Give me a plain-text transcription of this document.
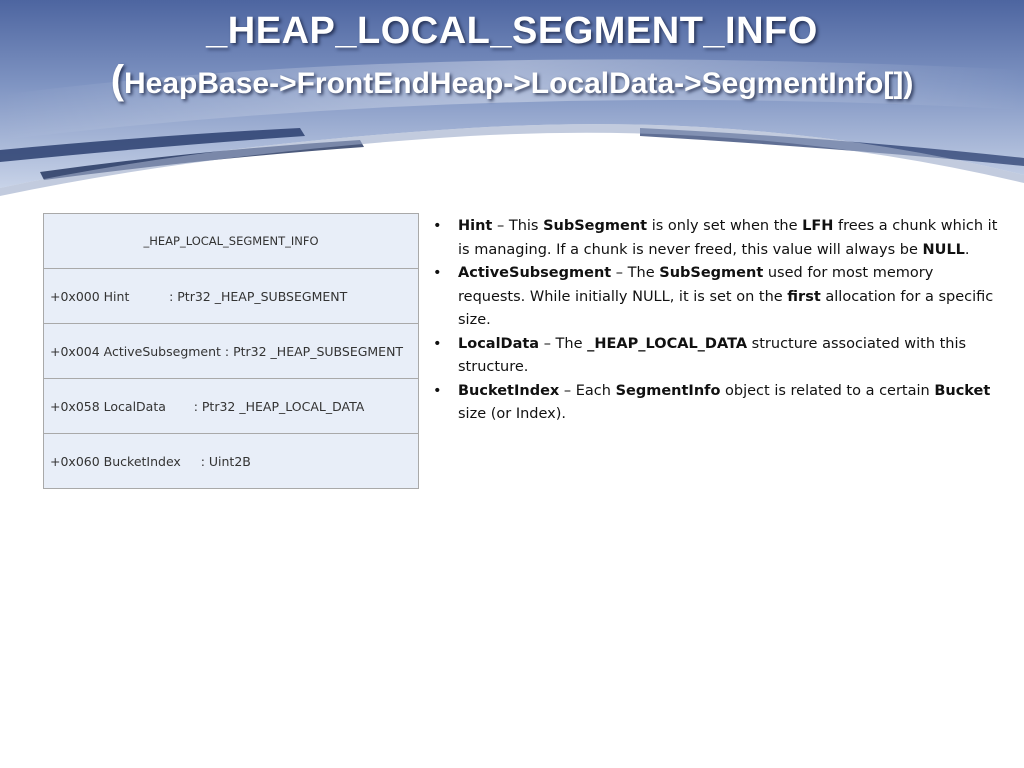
_HEAP_LOCAL_SEGMENT_INFO
(HeapBase->FrontEndHeap->LocalData->SegmentInfo[])
_HEAP_LOCAL_SEGMENT_INFO
+0x000 Hint          : Ptr32 _HEAP_SUBSEGMENT
+0x004 ActiveSubsegment : Ptr32 _HEAP_SUBSEGMENT
+0x058 LocalData       : Ptr32 _HEAP_LOCAL_DATA
+0x060 BucketIndex     : Uint2B
• Hint – This SubSegment is only set when the LFH frees a chunk which it is managing. If a chunk is never freed, this value will always be NULL.
• ActiveSubsegment – The SubSegment used for most memory requests. While initially NULL, it is set on the first allocation for a specific size.
• LocalData – The _HEAP_LOCAL_DATA structure associated with this structure.
• BucketIndex – Each SegmentInfo object is related to a certain Bucket size (or Index).
